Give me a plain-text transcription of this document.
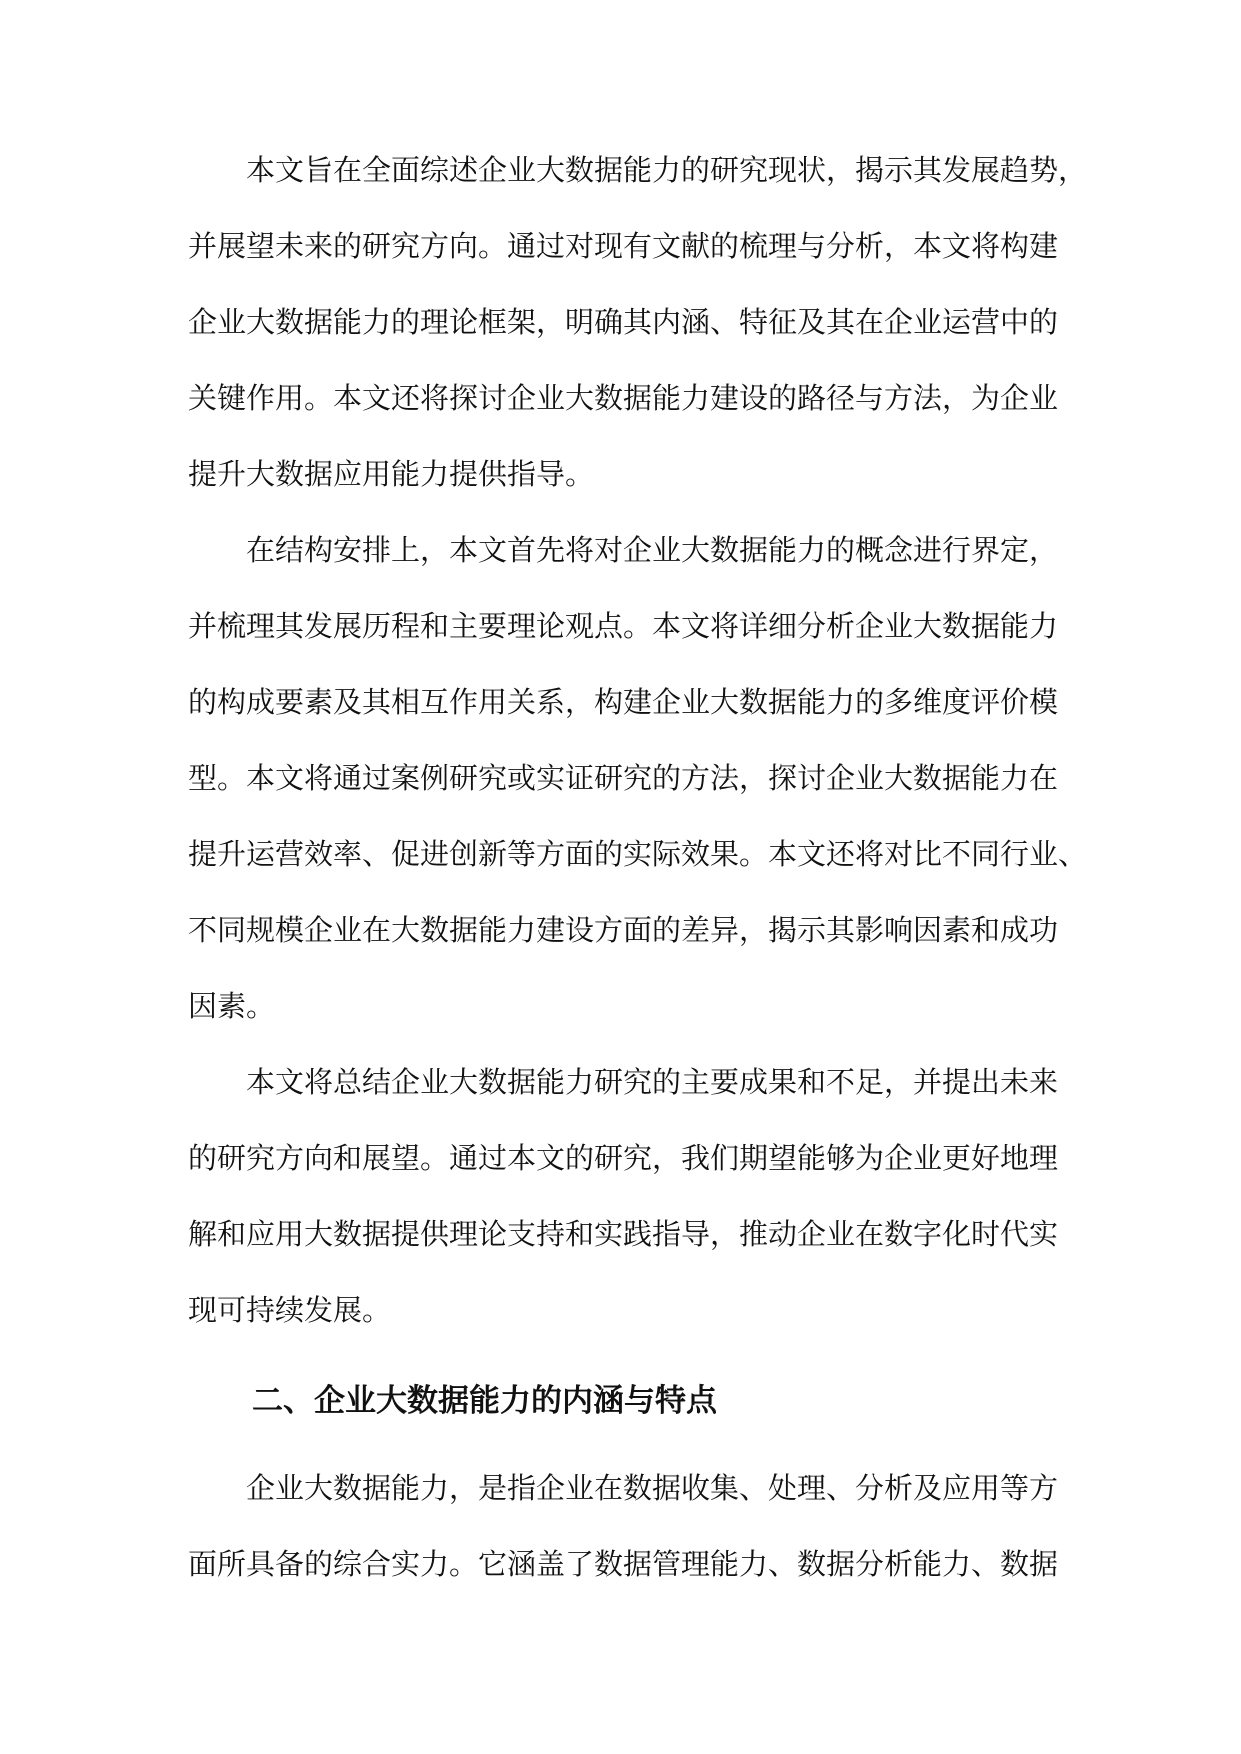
本文旨在全面综述企业大数据能力的研究现状，揭示其发展趋势，

并展望未来的研究方向。通过对现有文献的梳理与分析，本文将构建

企业大数据能力的理论框架，明确其内涵、特征及其在企业运营中的

关键作用。本文还将探讨企业大数据能力建设的路径与方法，为企业

提升大数据应用能力提供指导。

在结构安排上，本文首先将对企业大数据能力的概念进行界定，

并梳理其发展历程和主要理论观点。本文将详细分析企业大数据能力

的构成要素及其相互作用关系，构建企业大数据能力的多维度评价模

型。本文将通过案例研究或实证研究的方法，探讨企业大数据能力在

提升运营效率、促进创新等方面的实际效果。本文还将对比不同行业、

不同规模企业在大数据能力建设方面的差异，揭示其影响因素和成功

因素。

本文将总结企业大数据能力研究的主要成果和不足，并提出未来

的研究方向和展望。通过本文的研究，我们期望能够为企业更好地理

解和应用大数据提供理论支持和实践指导，推动企业在数字化时代实

现可持续发展。

二、企业大数据能力的内涵与特点

企业大数据能力，是指企业在数据收集、处理、分析及应用等方

面所具备的综合实力。它涵盖了数据管理能力、数据分析能力、数据
